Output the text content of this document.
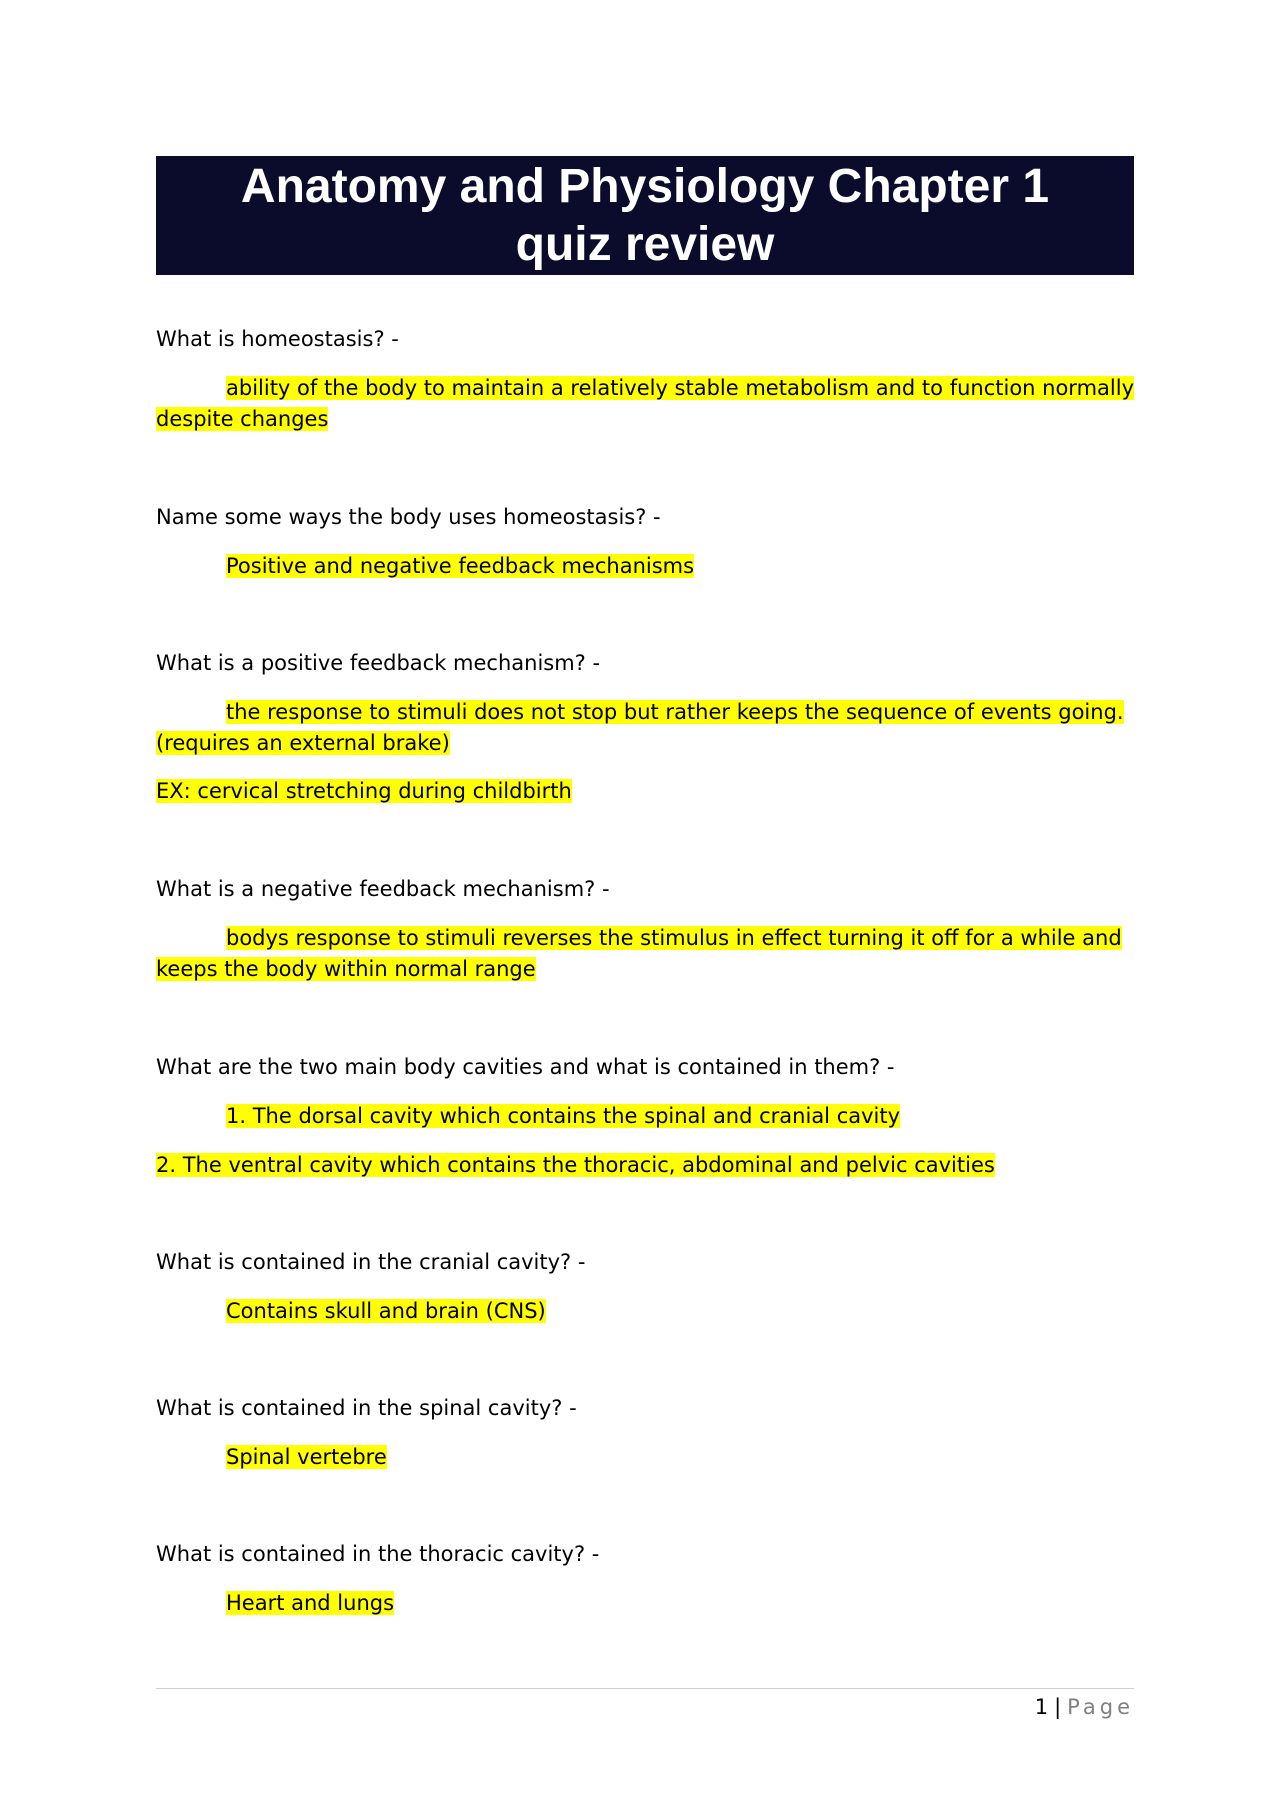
Anatomy and Physiology Chapter 1 quiz review

What is homeostasis? -

ability of the body to maintain a relatively stable metabolism and to function normally despite changes

Name some ways the body uses homeostasis? -

Positive and negative feedback mechanisms

What is a positive feedback mechanism? -

the response to stimuli does not stop but rather keeps the sequence of events going. (requires an external brake)

EX: cervical stretching during childbirth

What is a negative feedback mechanism? -

bodys response to stimuli reverses the stimulus in effect turning it off for a while and keeps the body within normal range

What are the two main body cavities and what is contained in them? -

1. The dorsal cavity which contains the spinal and cranial cavity

2. The ventral cavity which contains the thoracic, abdominal and pelvic cavities

What is contained in the cranial cavity? -

Contains skull and brain (CNS)

What is contained in the spinal cavity? -

Spinal vertebre

What is contained in the thoracic cavity? -

Heart and lungs

1 | Page
